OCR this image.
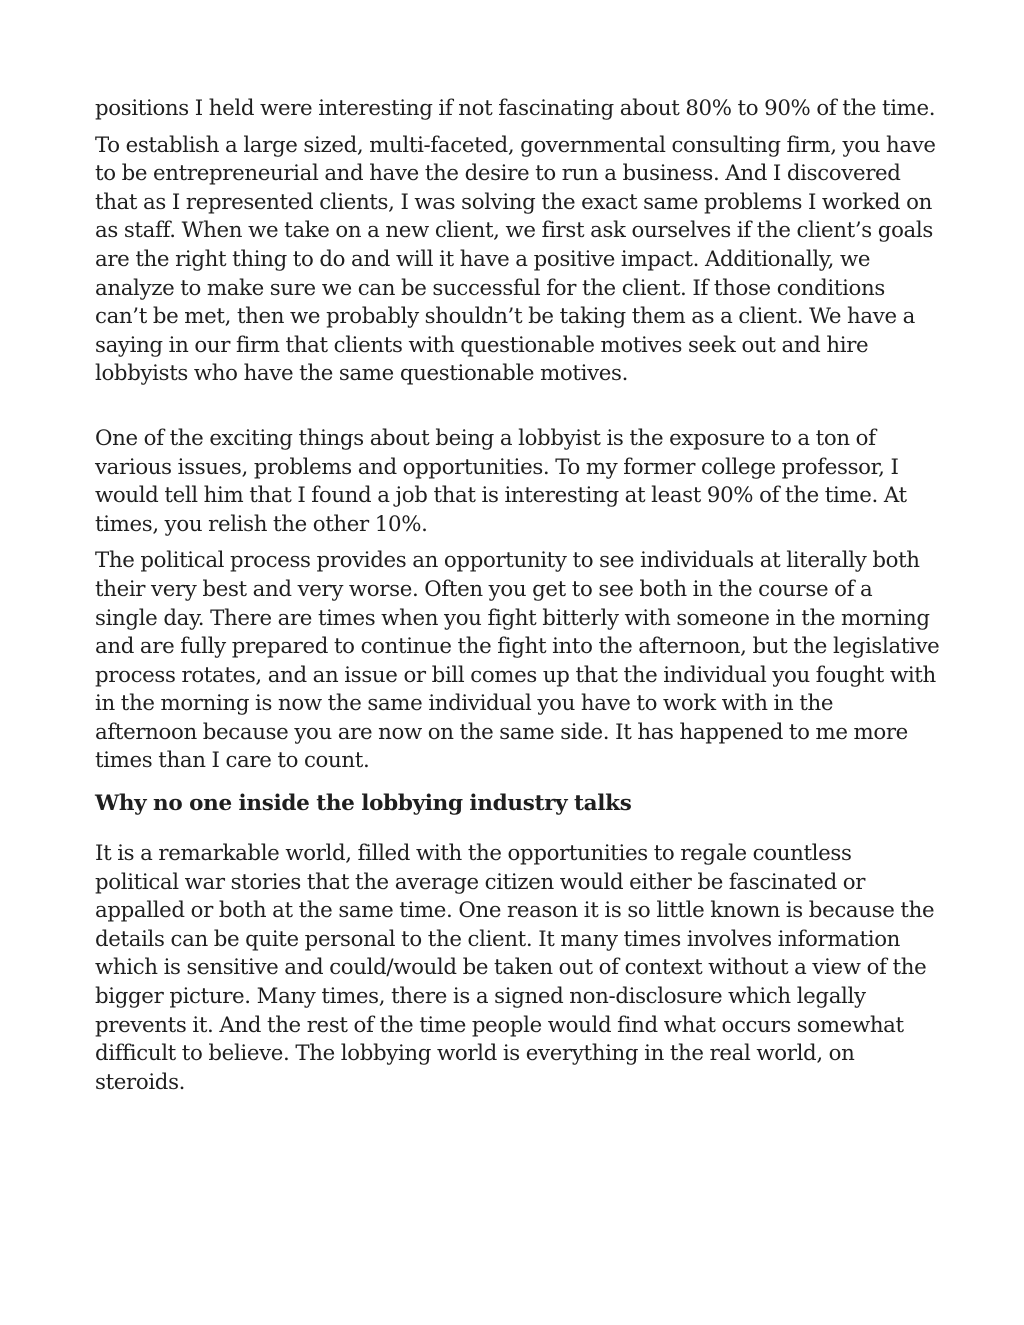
positions I held were interesting if not fascinating about 80% to 90% of the time.

To establish a large sized, multi-faceted, governmental consulting firm, you have to be entrepreneurial and have the desire to run a business. And I discovered that as I represented clients, I was solving the exact same problems I worked on as staff. When we take on a new client, we first ask ourselves if the client’s goals are the right thing to do and will it have a positive impact. Additionally, we analyze to make sure we can be successful for the client. If those conditions can’t be met, then we probably shouldn’t be taking them as a client. We have a saying in our firm that clients with questionable motives seek out and hire lobbyists who have the same questionable motives.

One of the exciting things about being a lobbyist is the exposure to a ton of various issues, problems and opportunities. To my former college professor, I would tell him that I found a job that is interesting at least 90% of the time. At times, you relish the other 10%.

The political process provides an opportunity to see individuals at literally both their very best and very worse. Often you get to see both in the course of a single day. There are times when you fight bitterly with someone in the morning and are fully prepared to continue the fight into the afternoon, but the legislative process rotates, and an issue or bill comes up that the individual you fought with in the morning is now the same individual you have to work with in the afternoon because you are now on the same side. It has happened to me more times than I care to count.

Why no one inside the lobbying industry talks

It is a remarkable world, filled with the opportunities to regale countless political war stories that the average citizen would either be fascinated or appalled or both at the same time. One reason it is so little known is because the details can be quite personal to the client. It many times involves information which is sensitive and could/would be taken out of context without a view of the bigger picture. Many times, there is a signed non-disclosure which legally prevents it. And the rest of the time people would find what occurs somewhat difficult to believe. The lobbying world is everything in the real world, on steroids.
